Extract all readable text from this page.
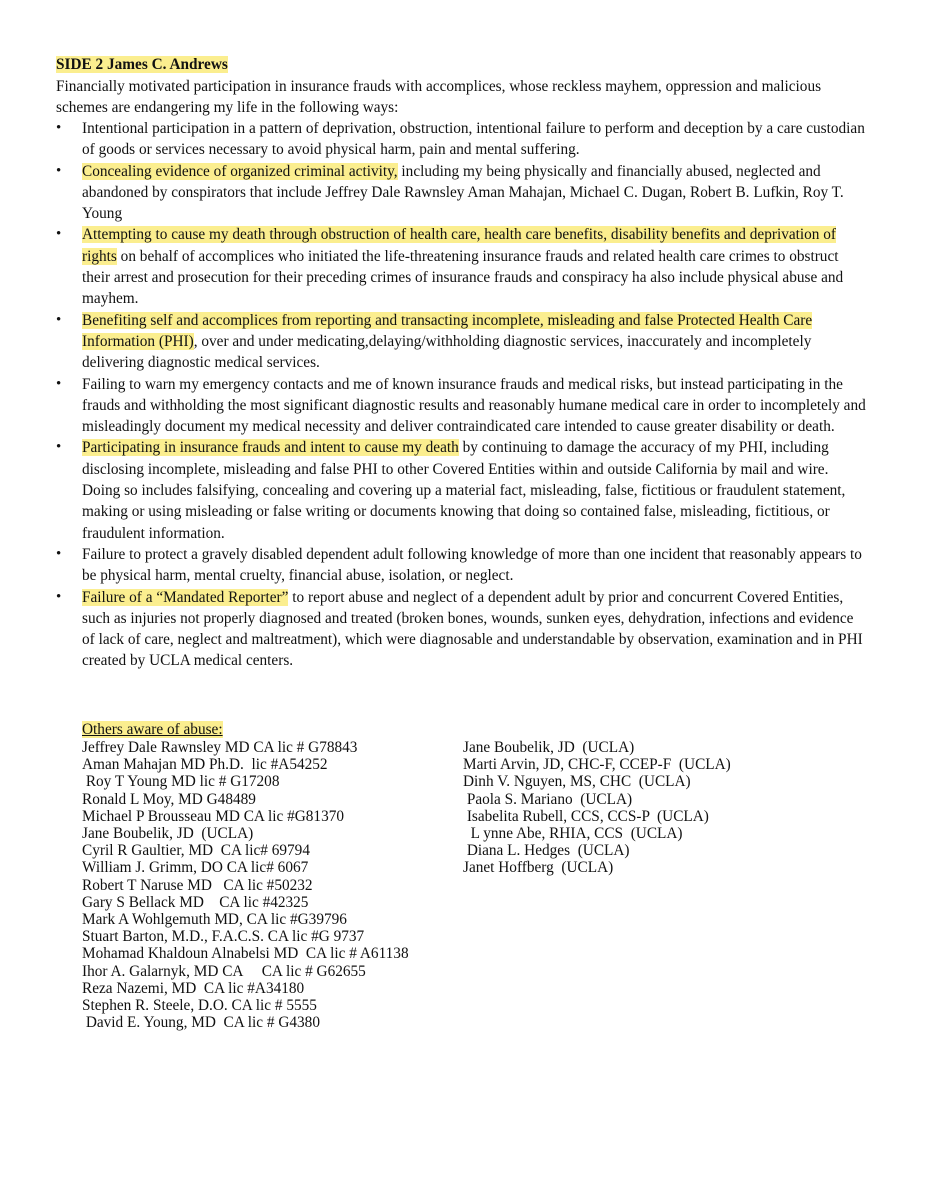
SIDE 2 James C. Andrews
Financially motivated participation in insurance frauds with accomplices, whose reckless mayhem, oppression and malicious schemes are endangering my life in the following ways:
• Intentional participation in a pattern of deprivation, obstruction, intentional failure to perform and deception by a care custodian of goods or services necessary to avoid physical harm, pain and mental suffering.
• Concealing evidence of organized criminal activity, including my being physically and financially abused, neglected and abandoned by conspirators that include Jeffrey Dale Rawnsley Aman Mahajan, Michael C. Dugan, Robert B. Lufkin, Roy T. Young
• Attempting to cause my death through obstruction of health care, health care benefits, disability benefits and deprivation of rights on behalf of accomplices who initiated the life-threatening insurance frauds and related health care crimes to obstruct their arrest and prosecution for their preceding crimes of insurance frauds and conspiracy ha also include physical abuse and mayhem.
• Benefiting self and accomplices from reporting and transacting incomplete, misleading and false Protected Health Care Information (PHI), over and under medicating,delaying/withholding diagnostic services, inaccurately and incompletely delivering diagnostic medical services.
• Failing to warn my emergency contacts and me of known insurance frauds and medical risks, but instead participating in the frauds and withholding the most significant diagnostic results and reasonably humane medical care in order to incompletely and misleadingly document my medical necessity and deliver contraindicated care intended to cause greater disability or death.
• Participating in insurance frauds and intent to cause my death by continuing to damage the accuracy of my PHI, including disclosing incomplete, misleading and false PHI to other Covered Entities within and outside California by mail and wire. Doing so includes falsifying, concealing and covering up a material fact, misleading, false, fictitious or fraudulent statement, making or using misleading or false writing or documents knowing that doing so contained false, misleading, fictitious, or fraudulent information.
• Failure to protect a gravely disabled dependent adult following knowledge of more than one incident that reasonably appears to be physical harm, mental cruelty, financial abuse, isolation, or neglect.
• Failure of a “Mandated Reporter” to report abuse and neglect of a dependent adult by prior and concurrent Covered Entities, such as injuries not properly diagnosed and treated (broken bones, wounds, sunken eyes, dehydration, infections and evidence of lack of care, neglect and maltreatment), which were diagnosable and understandable by observation, examination and in PHI created by UCLA medical centers.
Others aware of abuse:
Jeffrey Dale Rawnsley MD CA lic # G78843
Aman Mahajan MD Ph.D.  lic #A54252
Roy T Young MD lic # G17208
Ronald L Moy, MD G48489
Michael P Brousseau MD CA lic #G81370
Jane Boubelik, JD  (UCLA)
Cyril R Gaultier, MD  CA lic# 69794
William J. Grimm, DO CA lic# 6067
Robert T Naruse MD   CA lic #50232
Gary S Bellack MD    CA lic #42325
Mark A Wohlgemuth MD, CA lic #G39796
Stuart Barton, M.D., F.A.C.S. CA lic #G 9737
Mohamad Khaldoun Alnabelsi MD  CA lic # A61138
Ihor A. Galarnyk, MD CA     CA lic # G62655
Reza Nazemi, MD  CA lic #A34180
Stephen R. Steele, D.O. CA lic # 5555
David E. Young, MD  CA lic # G4380
Jane Boubelik, JD  (UCLA)
Marti Arvin, JD, CHC-F, CCEP-F  (UCLA)
Dinh V. Nguyen, MS, CHC  (UCLA)
Paola S. Mariano  (UCLA)
Isabelita Rubell, CCS, CCS-P  (UCLA)
L ynne Abe, RHIA, CCS  (UCLA)
Diana L. Hedges  (UCLA)
Janet Hoffberg  (UCLA)
